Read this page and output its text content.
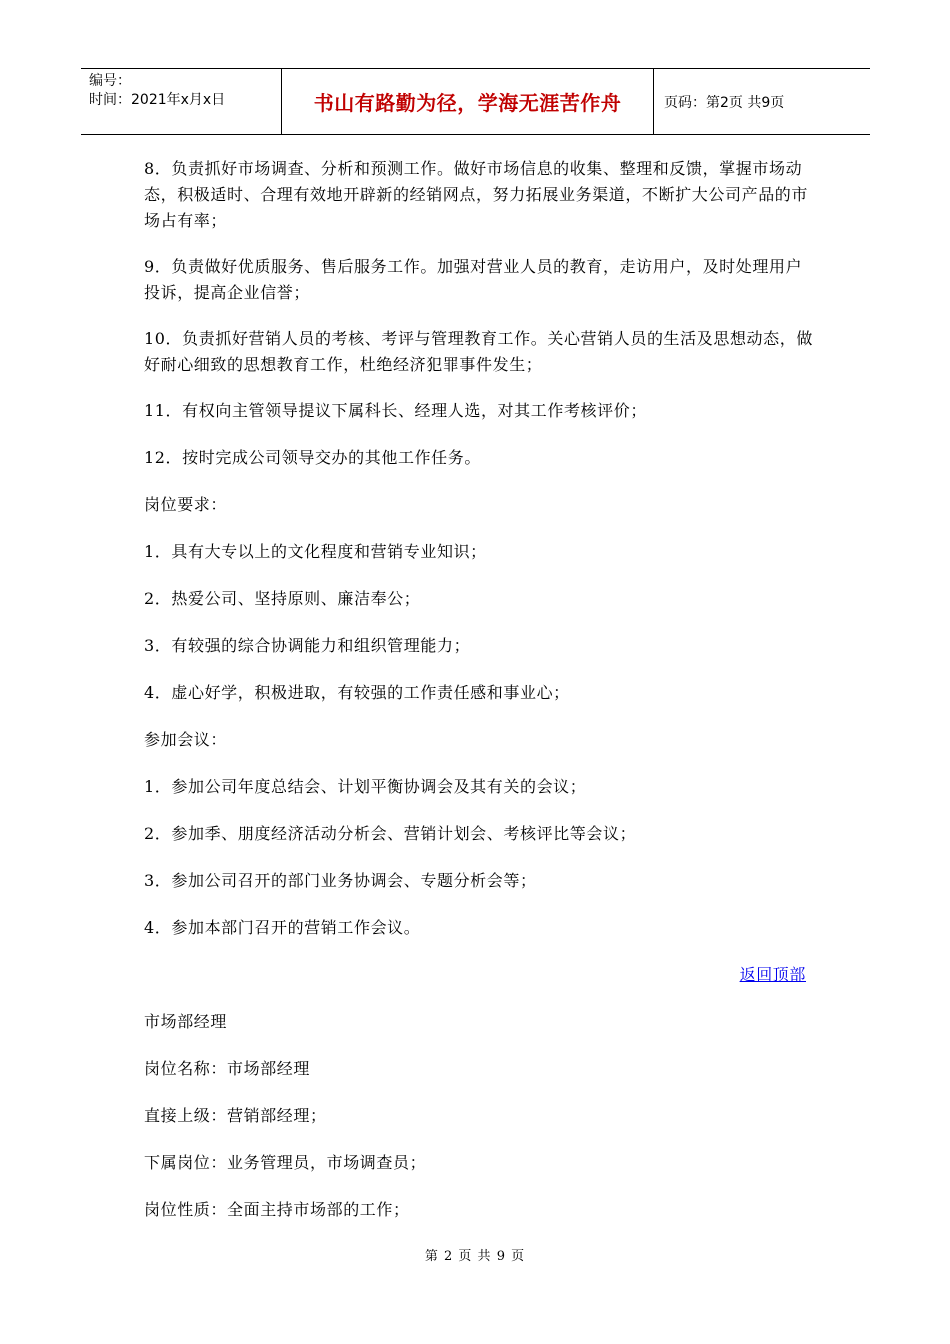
编号：
时间：2021年x月x日	书山有路勤为径，学海无涯苦作舟	页码：第2页 共9页

8．负责抓好市场调查、分析和预测工作。做好市场信息的收集、整理和反馈，掌握市场动态，积极适时、合理有效地开辟新的经销网点，努力拓展业务渠道，不断扩大公司产品的市场占有率；

9．负责做好优质服务、售后服务工作。加强对营业人员的教育，走访用户，及时处理用户投诉，提高企业信誉；

10．负责抓好营销人员的考核、考评与管理教育工作。关心营销人员的生活及思想动态，做好耐心细致的思想教育工作，杜绝经济犯罪事件发生；

11．有权向主管领导提议下属科长、经理人选，对其工作考核评价；

12．按时完成公司领导交办的其他工作任务。

岗位要求：

1．具有大专以上的文化程度和营销专业知识；

2．热爱公司、坚持原则、廉洁奉公；

3．有较强的综合协调能力和组织管理能力；

4．虚心好学，积极进取，有较强的工作责任感和事业心；

参加会议：

1．参加公司年度总结会、计划平衡协调会及其有关的会议；

2．参加季、朋度经济活动分析会、营销计划会、考核评比等会议；

3．参加公司召开的部门业务协调会、专题分析会等；

4．参加本部门召开的营销工作会议。

返回顶部

市场部经理

岗位名称：市场部经理

直接上级：营销部经理；

下属岗位：业务管理员，市场调查员；

岗位性质：全面主持市场部的工作；

第 2 页 共 9 页
